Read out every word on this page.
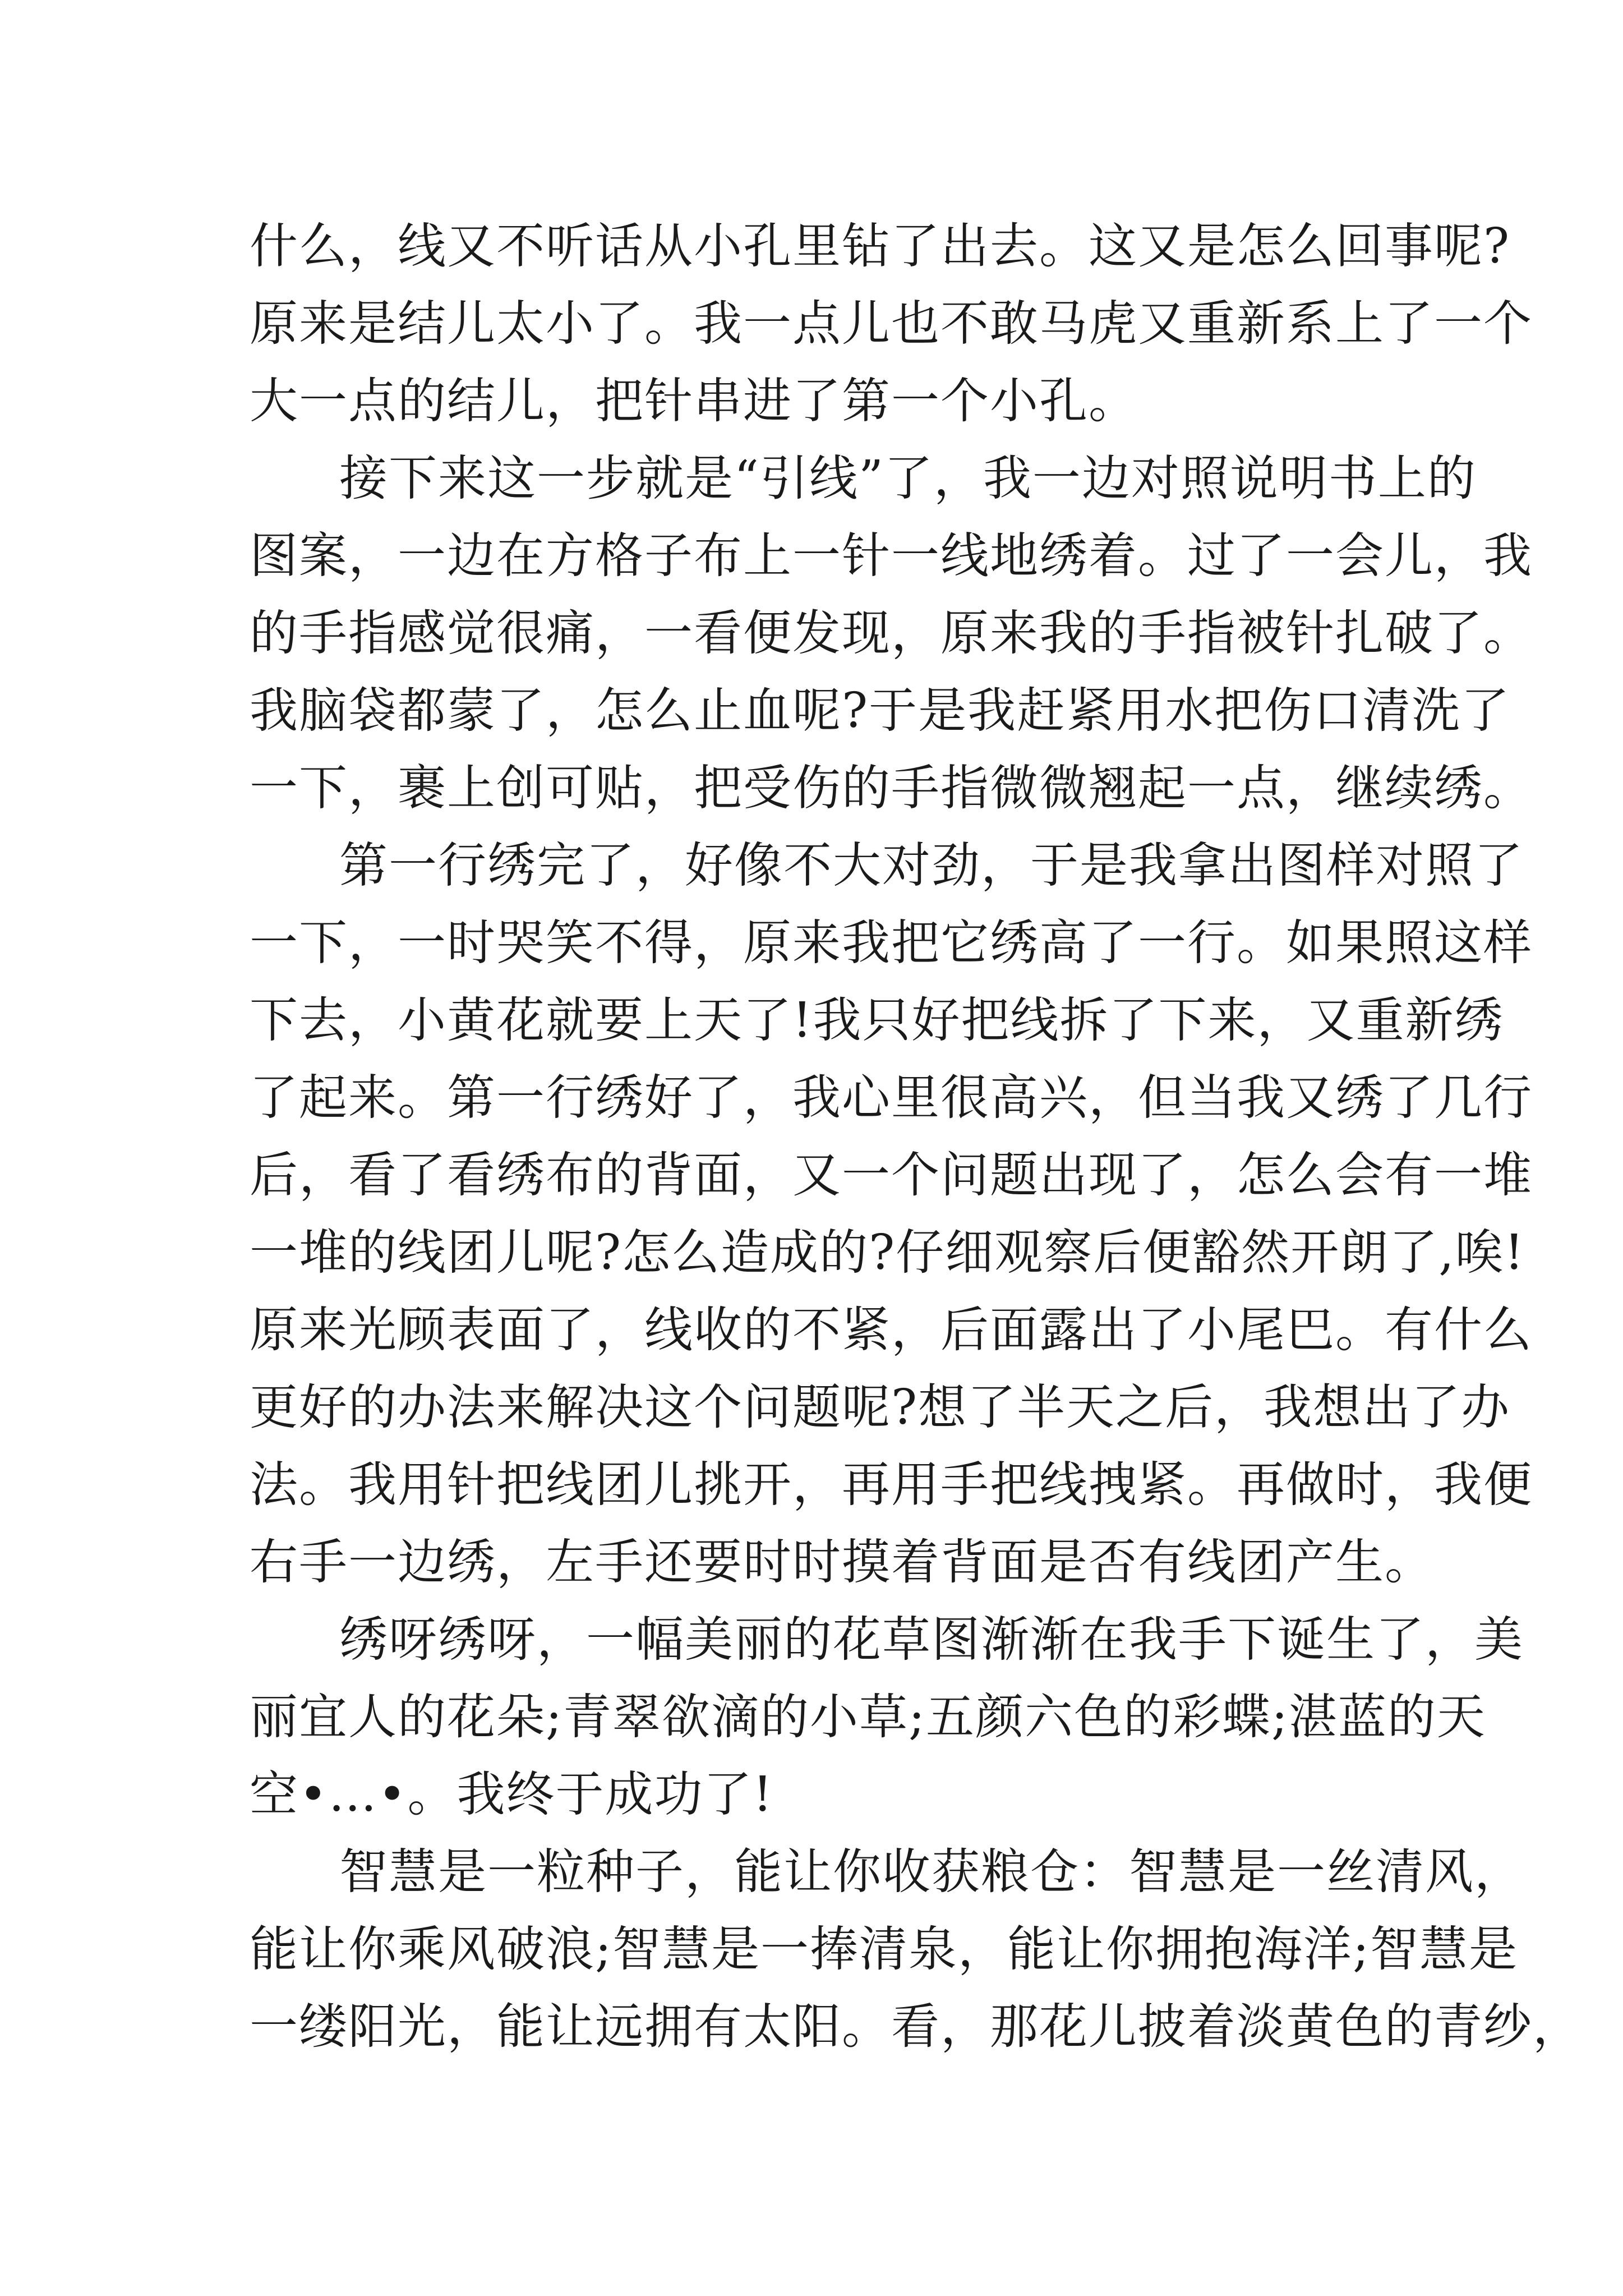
什么，线又不听话从小孔里钻了出去。这又是怎么回事呢?
原来是结儿太小了。我一点儿也不敢马虎又重新系上了一个
大一点的结儿，把针串进了第一个小孔。
接下来这一步就是“引线”了，我一边对照说明书上的
图案，一边在方格子布上一针一线地绣着。过了一会儿，我
的手指感觉很痛，一看便发现，原来我的手指被针扎破了。
我脑袋都蒙了，怎么止血呢?于是我赶紧用水把伤口清洗了
一下，裹上创可贴，把受伤的手指微微翘起一点，继续绣。
第一行绣完了，好像不大对劲，于是我拿出图样对照了
一下，一时哭笑不得，原来我把它绣高了一行。如果照这样
下去，小黄花就要上天了!我只好把线拆了下来，又重新绣
了起来。第一行绣好了，我心里很高兴，但当我又绣了几行
后，看了看绣布的背面，又一个问题出现了，怎么会有一堆
一堆的线团儿呢?怎么造成的?仔细观察后便豁然开朗了,唉!
原来光顾表面了，线收的不紧，后面露出了小尾巴。有什么
更好的办法来解决这个问题呢?想了半天之后，我想出了办
法。我用针把线团儿挑开，再用手把线拽紧。再做时，我便
右手一边绣，左手还要时时摸着背面是否有线团产生。
绣呀绣呀，一幅美丽的花草图渐渐在我手下诞生了，美
丽宜人的花朵;青翠欲滴的小草;五颜六色的彩蝶;湛蓝的天
空•…•。我终于成功了!
智慧是一粒种子，能让你收获粮仓：智慧是一丝清风，
能让你乘风破浪;智慧是一捧清泉，能让你拥抱海洋;智慧是
一缕阳光，能让远拥有太阳。看，那花儿披着淡黄色的青纱，
